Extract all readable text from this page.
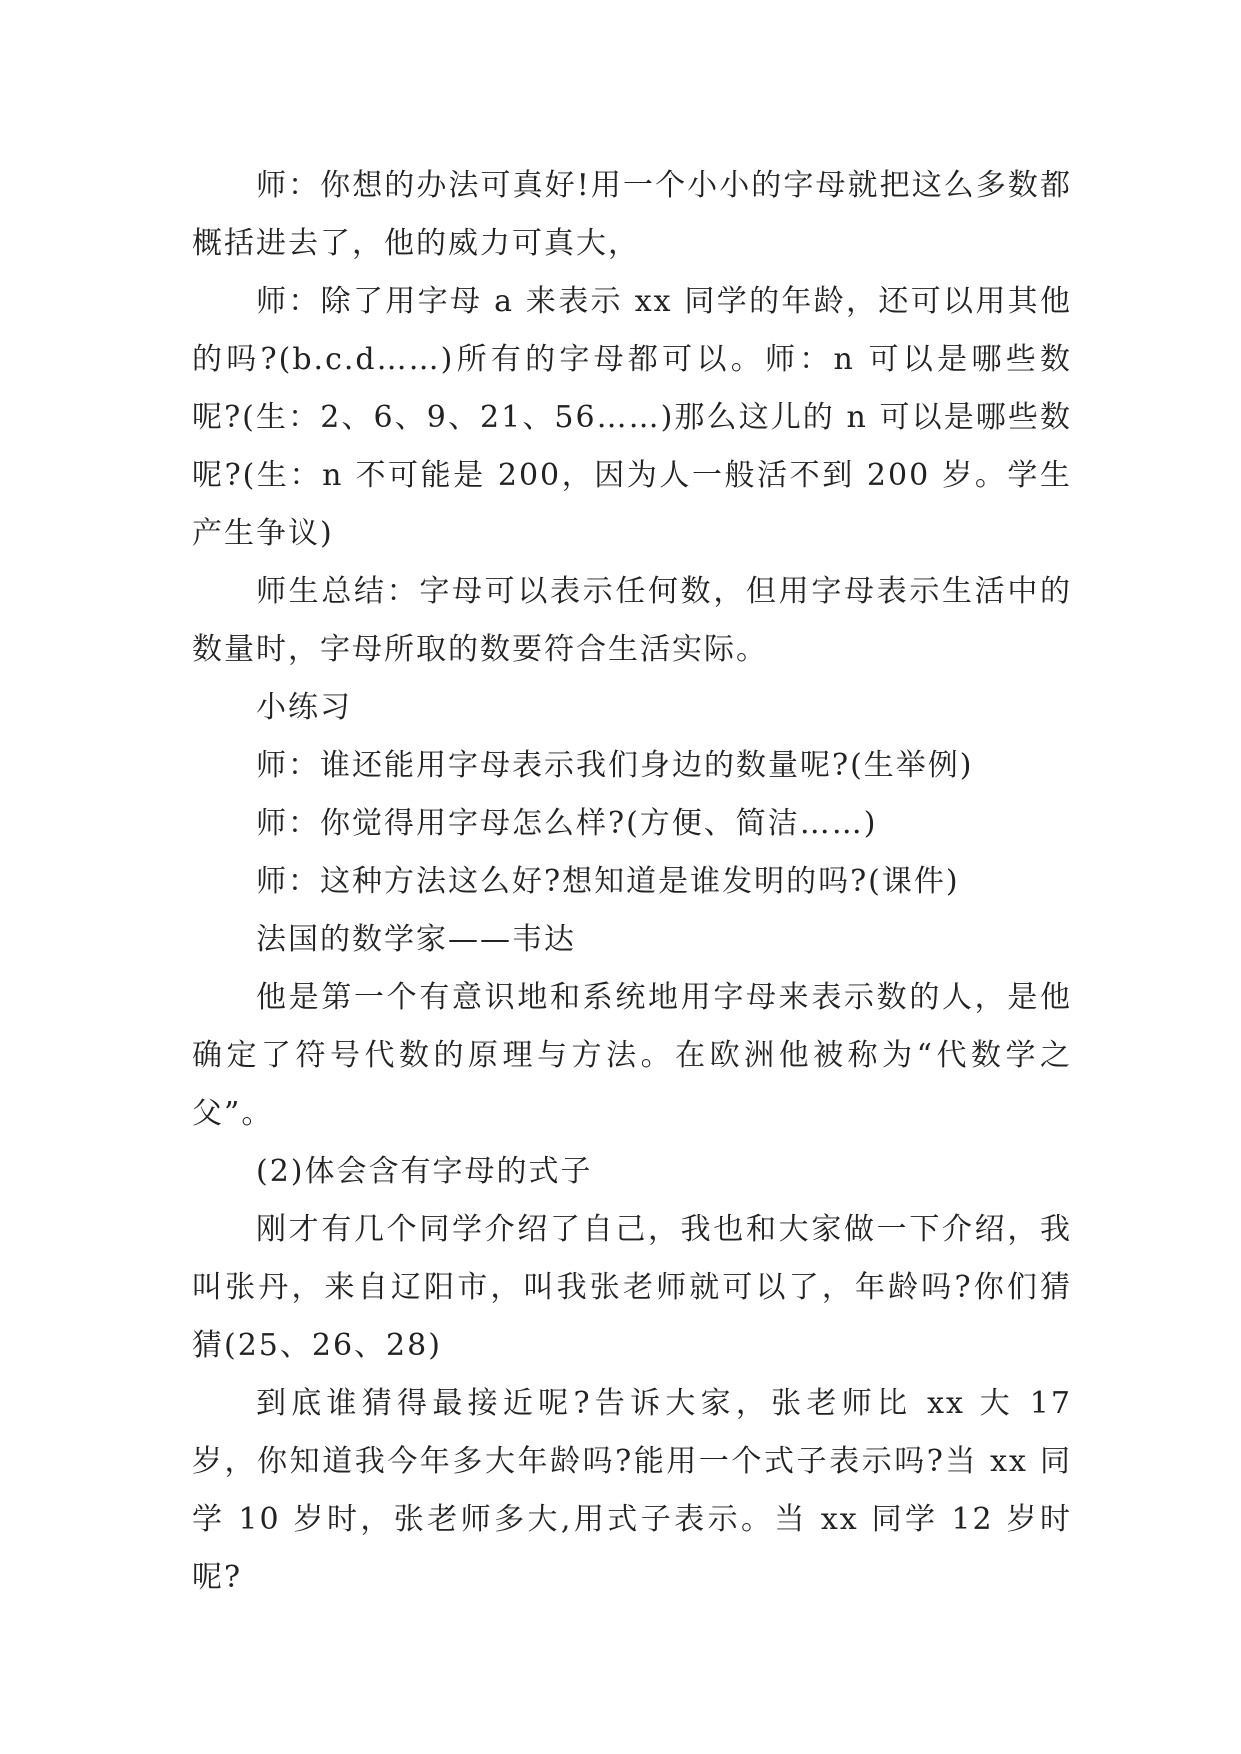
师：你想的办法可真好!用一个小小的字母就把这么多数都概括进去了，他的威力可真大，

师：除了用字母 a 来表示 xx 同学的年龄，还可以用其他的吗?(b.c.d……)所有的字母都可以。师：n 可以是哪些数呢?(生：2、6、9、21、56……)那么这儿的 n 可以是哪些数呢?(生：n 不可能是 200，因为人一般活不到 200 岁。学生产生争议)

师生总结：字母可以表示任何数，但用字母表示生活中的数量时，字母所取的数要符合生活实际。

小练习

师：谁还能用字母表示我们身边的数量呢?(生举例)

师：你觉得用字母怎么样?(方便、简洁……)

师：这种方法这么好?想知道是谁发明的吗?(课件)

法国的数学家——韦达

他是第一个有意识地和系统地用字母来表示数的人，是他确定了符号代数的原理与方法。在欧洲他被称为“代数学之父”。

(2)体会含有字母的式子

刚才有几个同学介绍了自己，我也和大家做一下介绍，我叫张丹，来自辽阳市，叫我张老师就可以了，年龄吗?你们猜猜(25、26、28)

到底谁猜得最接近呢?告诉大家，张老师比 xx 大 17 岁，你知道我今年多大年龄吗?能用一个式子表示吗?当 xx 同学 10 岁时，张老师多大,用式子表示。当 xx 同学 12 岁时呢?
